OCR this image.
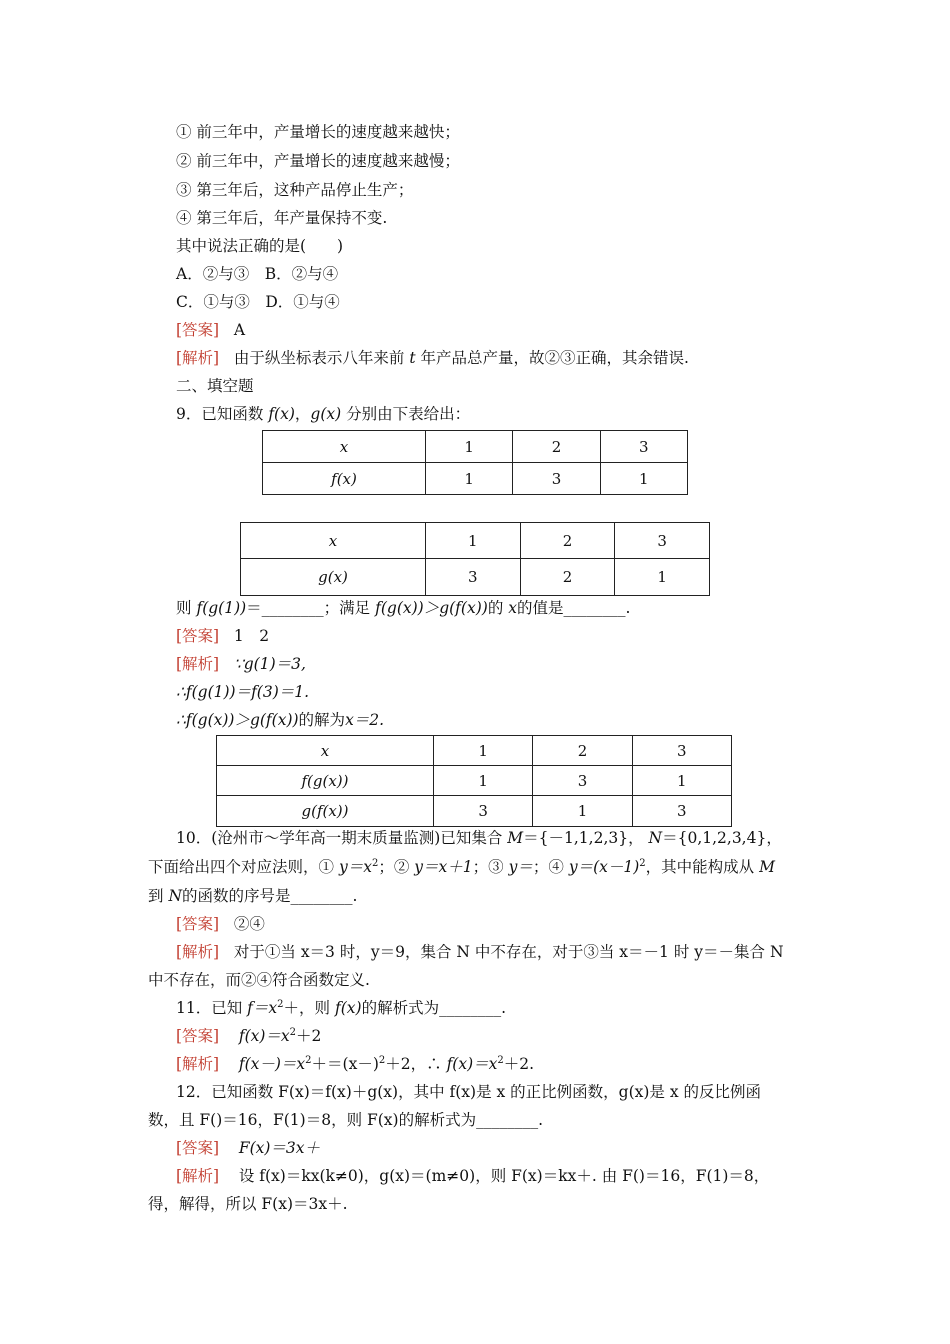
① 前三年中，产量增长的速度越来越快；
② 前三年中，产量增长的速度越来越慢；
③ 第三年后，这种产品停止生产；
④ 第三年后，年产量保持不变.
其中说法正确的是(　　)
A．②与③　B．②与④
C．①与③　D．①与④
[答案] A
[解析] 由于纵坐标表示八年来前 t 年产品总产量，故②③正确，其余错误.
二、填空题
9．已知函数 f(x)，g(x) 分别由下表给出：
x	1	2	3
f(x)	1	3	1
x	1	2	3
g(x)	3	2	1
则 f(g(1))＝________；满足 f(g(x))＞g(f(x))的 x的值是________.
[答案] 1　2
[解析] ∵g(1)＝3,
∴f(g(1))＝f(3)＝1.
∴f(g(x))＞g(f(x))的解为x＝2.
x	1	2	3
f(g(x))	1	3	1
g(f(x))	3	1	3
10．(沧州市～学年高一期末质量监测)已知集合 M＝{－1,1,2,3}， N＝{0,1,2,3,4}，
下面给出四个对应法则，① $y=x^2$；② y＝x＋1；③ y＝；④ $y=(x-1)^2$，其中能构成从 M
到 N的函数的序号是________.
[答案] ②④
[解析] 对于①当 x＝3 时，y＝9，集合 N 中不存在，对于③当 x＝－1 时 y＝－集合 N
中不存在，而②④符合函数定义.
11．已知 $f=x^2+$，则 f(x)的解析式为________.
[答案] $f(x)=x^2+2$
[解析] $f(x-)=x^2+=(x-)^2+2$，∴ $f(x)=x^2+2$.
12．已知函数 F(x)＝f(x)＋g(x)，其中 f(x)是 x 的正比例函数，g(x)是 x 的反比例函
数，且 F()＝16，F(1)＝8，则 F(x)的解析式为________.
[答案] F(x)＝3x＋
[解析] 设 f(x)＝kx(k≠0)，g(x)＝(m≠0)，则 F(x)＝kx＋. 由 F()＝16，F(1)＝8，
得，解得，所以 F(x)＝3x＋.
